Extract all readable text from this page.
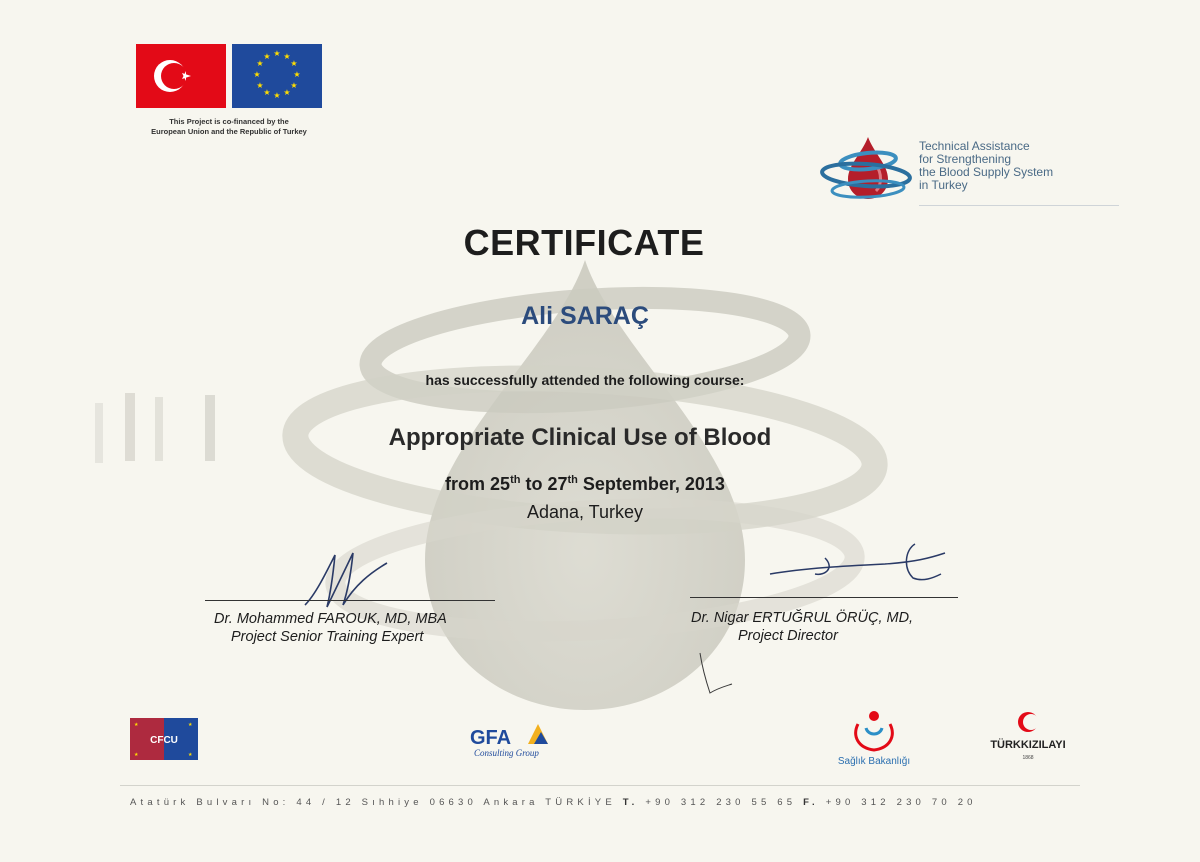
★ ★
★
★
★
★
★
★
★
★
★
★
This Project is co-financed by the
European Union and the Republic of Turkey
Technical Assistance
for Strengthening
the Blood Supply System
in Turkey
CERTIFICATE
Ali SARAÇ
has successfully attended the following course:
Appropriate Clinical Use of Blood
from 25th to 27th September, 2013
Adana, Turkey
Dr. Mohammed FAROUK, MD, MBA
Project Senior Training Expert
Dr. Nigar ERTUĞRUL ÖRÜÇ, MD,
Project Director
★	★
★	★
CFCU	GFA
Consulting Group
Sağlık Bakanlığı
TÜRKKIZILAYI
1868
Atatürk Bulvarı No: 44 / 12 Sıhhiye 06630 Ankara TÜRKİYE T. +90 312 230 55 65 F. +90 312 230 70 20
